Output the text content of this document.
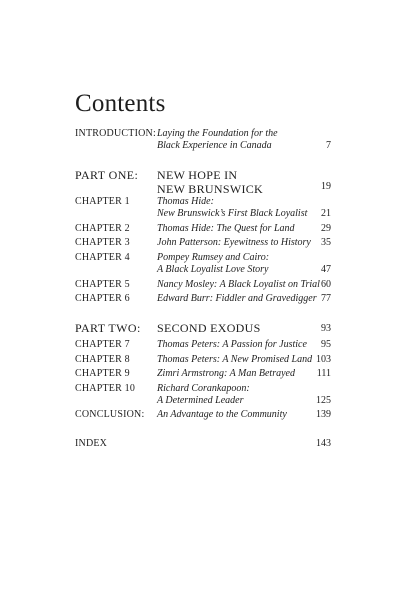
Contents
INTRODUCTION: Laying the Foundation for the
Black Experience in Canada	7
PART ONE: NEW HOPE IN
NEW BRUNSWICK	19
CHAPTER 1	Thomas Hide:
New Brunswick’s First Black Loyalist	21
CHAPTER 2	Thomas Hide: The Quest for Land	29
CHAPTER 3	John Patterson: Eyewitness to History	35
CHAPTER 4	Pompey Rumsey and Cairo:
A Black Loyalist Love Story	47
CHAPTER 5	Nancy Mosley: A Black Loyalist on Trial 60
CHAPTER 6	Edward Burr: Fiddler and Gravedigger 77
PART TWO: SECOND EXODUS	93
CHAPTER 7	Thomas Peters: A Passion for Justice	95
CHAPTER 8	Thomas Peters: A New Promised Land 103
CHAPTER 9	Zimri Armstrong: A Man Betrayed	111
CHAPTER 10 Richard Corankapoon:
A Determined Leader	125
CONCLUSION: An Advantage to the Community	139
INDEX	143
